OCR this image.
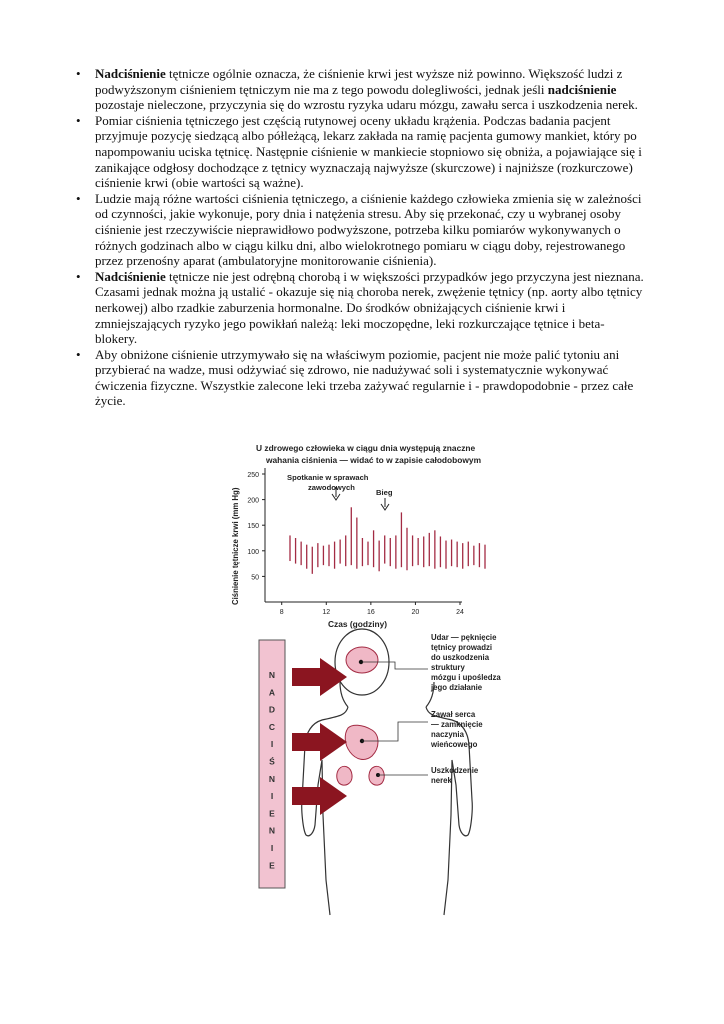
• Nadciśnienie tętnicze ogólnie oznacza, że ciśnienie krwi jest wyższe niż powinno. Większość ludzi z podwyższonym ciśnieniem tętniczym nie ma z tego powodu dolegliwości, jednak jeśli nadciśnienie pozostaje nieleczone, przyczynia się do wzrostu ryzyka udaru mózgu, zawału serca i uszkodzenia nerek.
• Pomiar ciśnienia tętniczego jest częścią rutynowej oceny układu krążenia. Podczas badania pacjent przyjmuje pozycję siedzącą albo półleżącą, lekarz zakłada na ramię pacjenta gumowy mankiet, który po napompowaniu uciska tętnicę. Następnie ciśnienie w mankiecie stopniowo się obniża, a pojawiające się i zanikające odgłosy dochodzące z tętnicy wyznaczają najwyższe (skurczowe) i najniższe (rozkurczowe) ciśnienie krwi (obie wartości są ważne).
• Ludzie mają różne wartości ciśnienia tętniczego, a ciśnienie każdego człowieka zmienia się w zależności od czynności, jakie wykonuje, pory dnia i natężenia stresu. Aby się przekonać, czy u wybranej osoby ciśnienie jest rzeczywiście nieprawidłowo podwyższone, potrzeba kilku pomiarów wykonywanych o różnych godzinach albo w ciągu kilku dni, albo wielokrotnego pomiaru w ciągu doby, rejestrowanego przez przenośny aparat (ambulatoryjne monitorowanie ciśnienia).
• Nadciśnienie tętnicze nie jest odrębną chorobą i w większości przypadków jego przyczyna jest nieznana. Czasami jednak można ją ustalić - okazuje się nią choroba nerek, zwężenie tętnicy (np. aorty albo tętnicy nerkowej) albo rzadkie zaburzenia hormonalne. Do środków obniżających ciśnienie krwi i zmniejszających ryzyko jego powikłań należą: leki moczopędne, leki rozkurczające tętnice i beta-blokery.
• Aby obniżone ciśnienie utrzymywało się na właściwym poziomie, pacjent nie może palić tytoniu ani przybierać na wadze, musi odżywiać się zdrowo, nie nadużywać soli i systematycznie wykonywać ćwiczenia fizyczne. Wszystkie zalecone leki trzeba zażywać regularnie i - prawdopodobnie - przez całe życie.
U zdrowego człowieka w ciągu dnia występują znaczne
wahania ciśnienia — widać to w zapisie całodobowym
Spotkanie w sprawach
zawodowych
Bieg
50
100
150
200
250
8	12	16	20	24
Ciśnienie tętnicze krwi (mm Hg)
Czas (godziny)
N
A
D
C
I
Ś
N
I
E
N
I
E
Udar — pęknięcie
tętnicy prowadzi
do uszkodzenia
struktury
mózgu i upośledza
jego działanie
Zawał serca
— zamknięcie
naczynia
wieńcowego
Uszkodzenie
nerek
